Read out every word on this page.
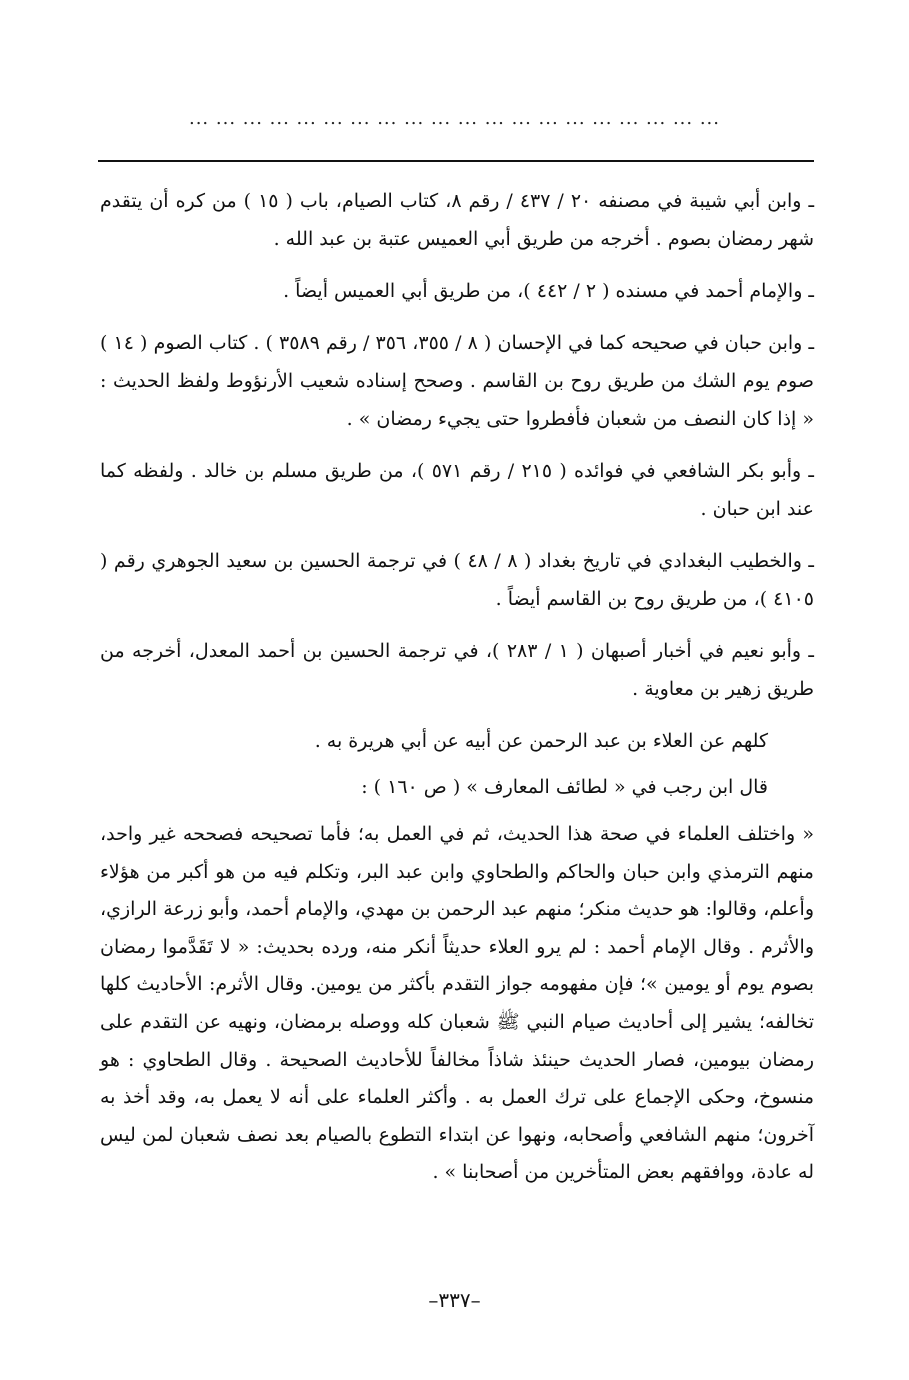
... ... ... ... ... ... ... ... ... ... ... ... ... ... ... ... ... ... ... ...

ـ وابن أبي شيبة في مصنفه ٢٠ / ٤٣٧ / رقم ٨، كتاب الصيام، باب ( ١٥ ) من كره أن يتقدم شهر رمضان بصوم . أخرجه من طريق أبي العميس عتبة بن عبد الله .

ـ والإمام أحمد في مسنده ( ٢ / ٤٤٢ )، من طريق أبي العميس أيضاً .

ـ وابن حبان في صحيحه كما في الإحسان ( ٨ / ٣٥٥، ٣٥٦ / رقم ٣٥٨٩ ) . كتاب الصوم ( ١٤ ) صوم يوم الشك من طريق روح بن القاسم . وصحح إسناده شعيب الأرنؤوط ولفظ الحديث : « إذا كان النصف من شعبان فأفطروا حتى يجيء رمضان » .

ـ وأبو بكر الشافعي في فوائده ( ٢١٥ / رقم ٥٧١ )، من طريق مسلم بن خالد . ولفظه كما عند ابن حبان .

ـ والخطيب البغدادي في تاريخ بغداد ( ٨ / ٤٨ ) في ترجمة الحسين بن سعيد الجوهري رقم ( ٤١٠٥ )، من طريق روح بن القاسم أيضاً .

ـ وأبو نعيم في أخبار أصبهان ( ١ / ٢٨٣ )، في ترجمة الحسين بن أحمد المعدل، أخرجه من طريق زهير بن معاوية .

كلهم عن العلاء بن عبد الرحمن عن أبيه عن أبي هريرة به .

قال ابن رجب في « لطائف المعارف » ( ص ١٦٠ ) :

« واختلف العلماء في صحة هذا الحديث، ثم في العمل به؛ فأما تصحيحه فصححه غير واحد، منهم الترمذي وابن حبان والحاكم والطحاوي وابن عبد البر، وتكلم فيه من هو أكبر من هؤلاء وأعلم، وقالوا: هو حديث منكر؛ منهم عبد الرحمن بن مهدي، والإمام أحمد، وأبو زرعة الرازي، والأثرم . وقال الإمام أحمد : لم يرو العلاء حديثاً أنكر منه، ورده بحديث: « لا تَقَدَّموا رمضان بصوم يوم أو يومين »؛ فإن مفهومه جواز التقدم بأكثر من يومين. وقال الأثرم: الأحاديث كلها تخالفه؛ يشير إلى أحاديث صيام النبي ﷺ شعبان كله ووصله برمضان، ونهيه عن التقدم على رمضان بيومين، فصار الحديث حينئذ شاذاً مخالفاً للأحاديث الصحيحة . وقال الطحاوي : هو منسوخ، وحكى الإجماع على ترك العمل به . وأكثر العلماء على أنه لا يعمل به، وقد أخذ به آخرون؛ منهم الشافعي وأصحابه، ونهوا عن ابتداء التطوع بالصيام بعد نصف شعبان لمن ليس له عادة، ووافقهم بعض المتأخرين من أصحابنا » .

–٣٣٧–
